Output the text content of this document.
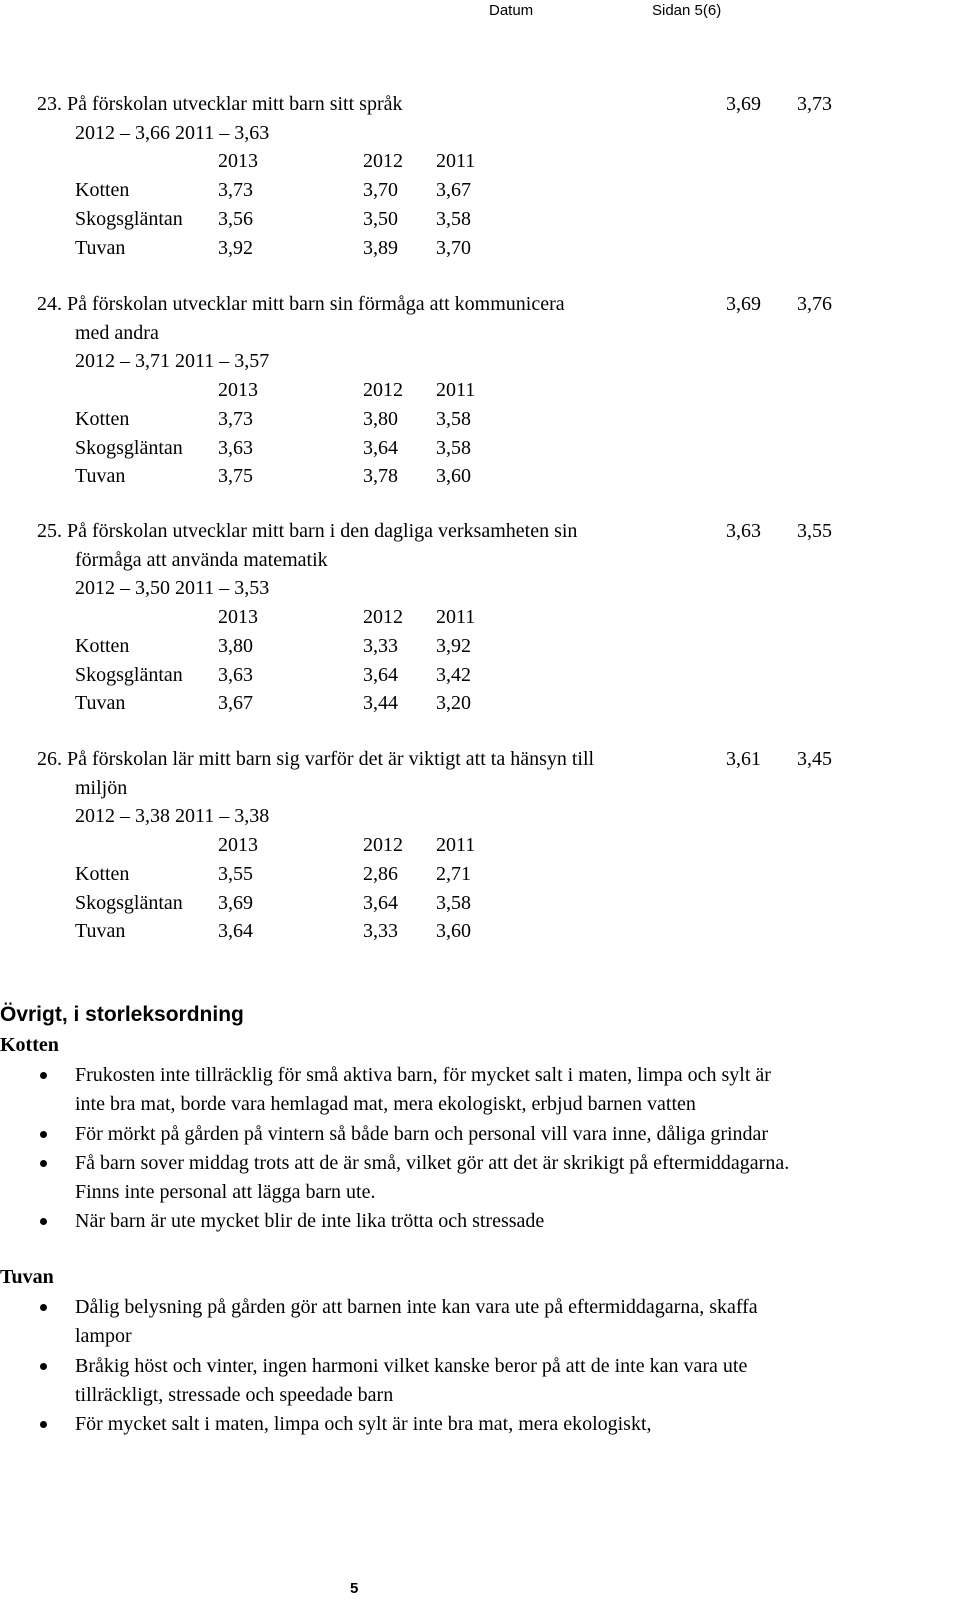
Datum	Sidan 5(6)
23. På förskolan utvecklar mitt barn sitt språk	3,69 3,73
2012 – 3,66 2011 – 3,63
2013	2012 2011
Kotten	3,73	3,70 3,67
Skogsgläntan 3,56	3,50 3,58
Tuvan	3,92	3,89 3,70
24. På förskolan utvecklar mitt barn sin förmåga att kommunicera
med andra
3,69 3,76
2012 – 3,71 2011 – 3,57
2013	2012 2011
Kotten	3,73	3,80 3,58
Skogsgläntan 3,63	3,64 3,58
Tuvan	3,75	3,78 3,60
25. På förskolan utvecklar mitt barn i den dagliga verksamheten sin
förmåga att använda matematik
3,63 3,55
2012 – 3,50 2011 – 3,53
2013	2012 2011
Kotten	3,80	3,33 3,92
Skogsgläntan 3,63	3,64 3,42
Tuvan	3,67	3,44 3,20
26. På förskolan lär mitt barn sig varför det är viktigt att ta hänsyn till
miljön
3,61 3,45
2012 – 3,38 2011 – 3,38
2013	2012 2011
Kotten	3,55	2,86 2,71
Skogsgläntan 3,69	3,64 3,58
Tuvan	3,64	3,33 3,60
Övrigt, i storleksordning
Kotten
Frukosten inte tillräcklig för små aktiva barn, för mycket salt i maten, limpa och sylt är
inte bra mat, borde vara hemlagad mat, mera ekologiskt, erbjud barnen vatten
För mörkt på gården på vintern så både barn och personal vill vara inne, dåliga grindar
Få barn sover middag trots att de är små, vilket gör att det är skrikigt på eftermiddagarna.
Finns inte personal att lägga barn ute.
När barn är ute mycket blir de inte lika trötta och stressade
Tuvan
Dålig belysning på gården gör att barnen inte kan vara ute på eftermiddagarna, skaffa
lampor
Bråkig höst och vinter, ingen harmoni vilket kanske beror på att de inte kan vara ute
tillräckligt, stressade och speedade barn
För mycket salt i maten, limpa och sylt är inte bra mat, mera ekologiskt,
5
